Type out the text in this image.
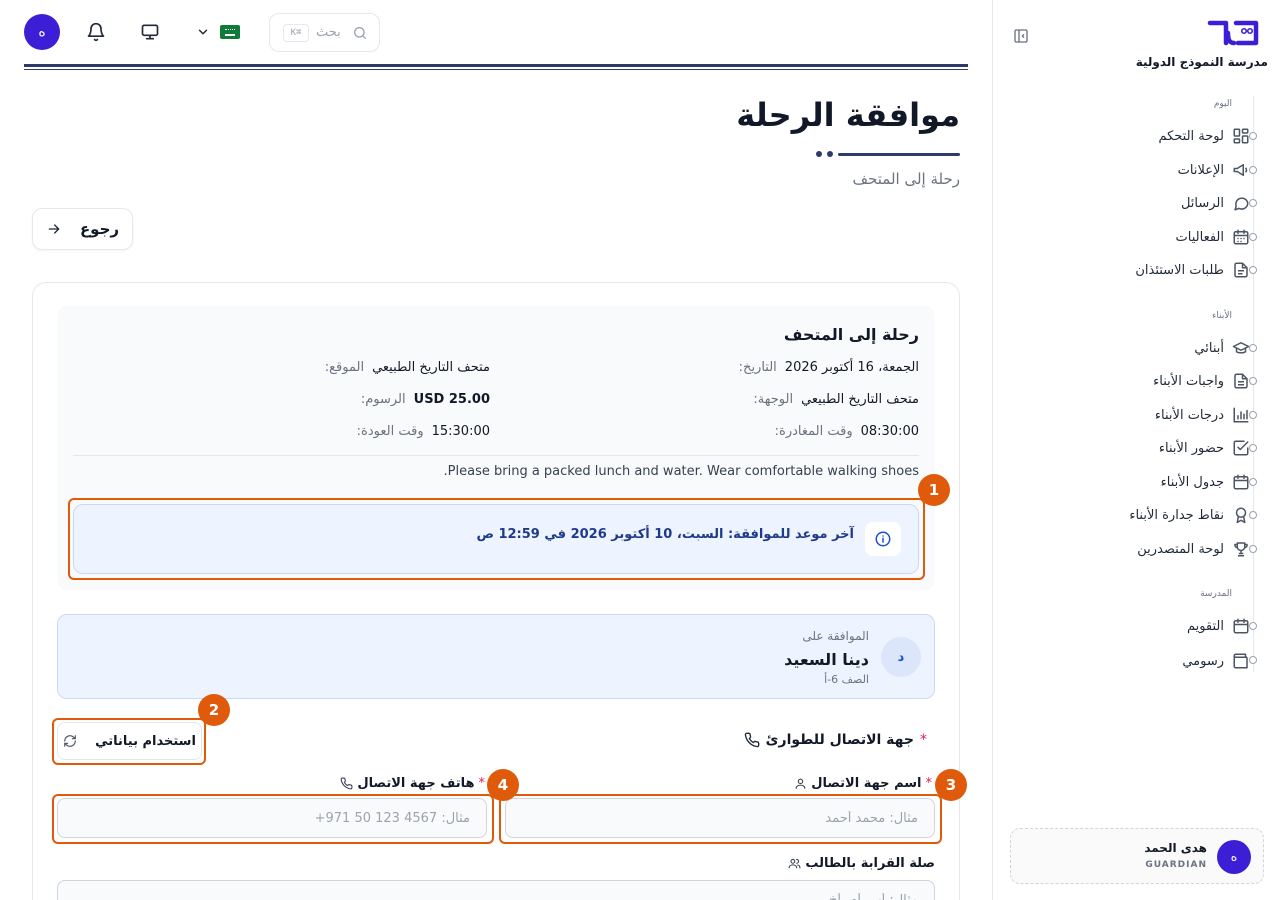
ه	K⌘	بحث
موافقة الرحلة
رحلة إلى المتحف
رجوع
رحلة إلى المتحف
التاريخ: الجمعة، 16 أكتوبر 2026
الموقع: متحف التاريخ الطبيعي
الوجهة: متحف التاريخ الطبيعي
الرسوم: USD 25.00
وقت المغادرة: 08:30:00
وقت العودة: 15:30:00
Please bring a packed lunch and water. Wear comfortable walking shoes.
آخر موعد للموافقة: السبت، 10 أكتوبر 2026 في 12:59 ص
د
الموافقة على
دينا السعيد
الصف 6-أ
جهة الاتصال للطوارئ *
استخدام بياناتي
اسم جهة الاتصال *
مثال: محمد أحمد
هاتف جهة الاتصال *
مثال: 4567 123 50 971+
صلة القرابة بالطالب
مثال: أب، أم، أخ
1
2
3
4
مدرسة النموذج الدولية
اليوم
لوحة التحكم
الإعلانات
الرسائل
الفعاليات
طلبات الاستئذان
الأبناء
أبنائي
واجبات الأبناء
درجات الأبناء
حضور الأبناء
جدول الأبناء
نقاط جدارة الأبناء
لوحة المتصدرين
المدرسة
التقويم
رسومي
ه
هدى الحمد
GUARDIAN
